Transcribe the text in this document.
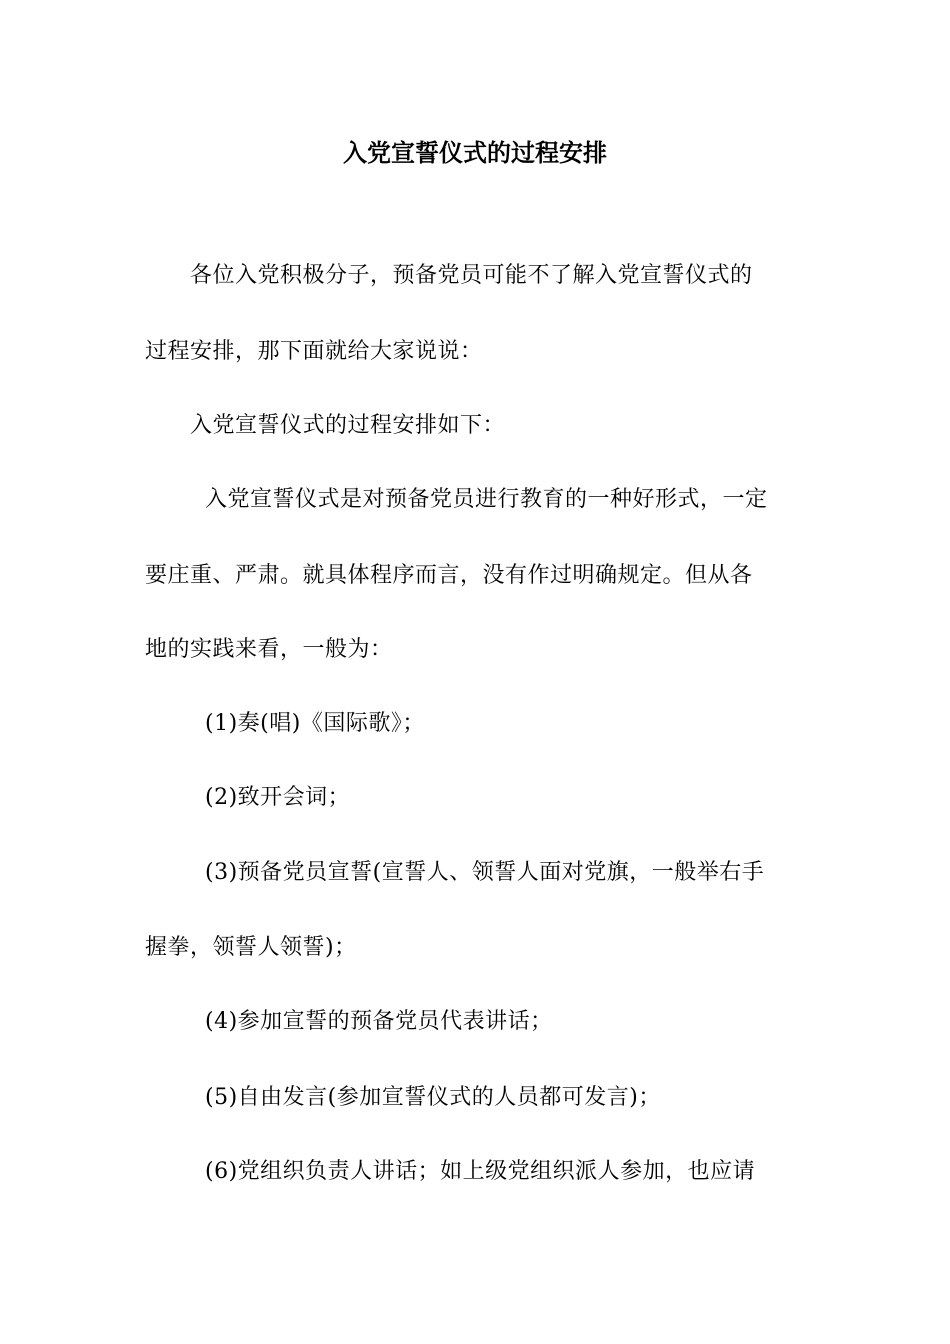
入党宣誓仪式的过程安排

各位入党积极分子，预备党员可能不了解入党宣誓仪式的

过程安排，那下面就给大家说说：

入党宣誓仪式的过程安排如下：

入党宣誓仪式是对预备党员进行教育的一种好形式，一定

要庄重、严肃。就具体程序而言，没有作过明确规定。但从各

地的实践来看，一般为：

(1)奏(唱)《国际歌》；

(2)致开会词；

(3)预备党员宣誓(宣誓人、领誓人面对党旗，一般举右手

握拳，领誓人领誓)；

(4)参加宣誓的预备党员代表讲话；

(5)自由发言(参加宣誓仪式的人员都可发言)；

(6)党组织负责人讲话；如上级党组织派人参加，也应请
